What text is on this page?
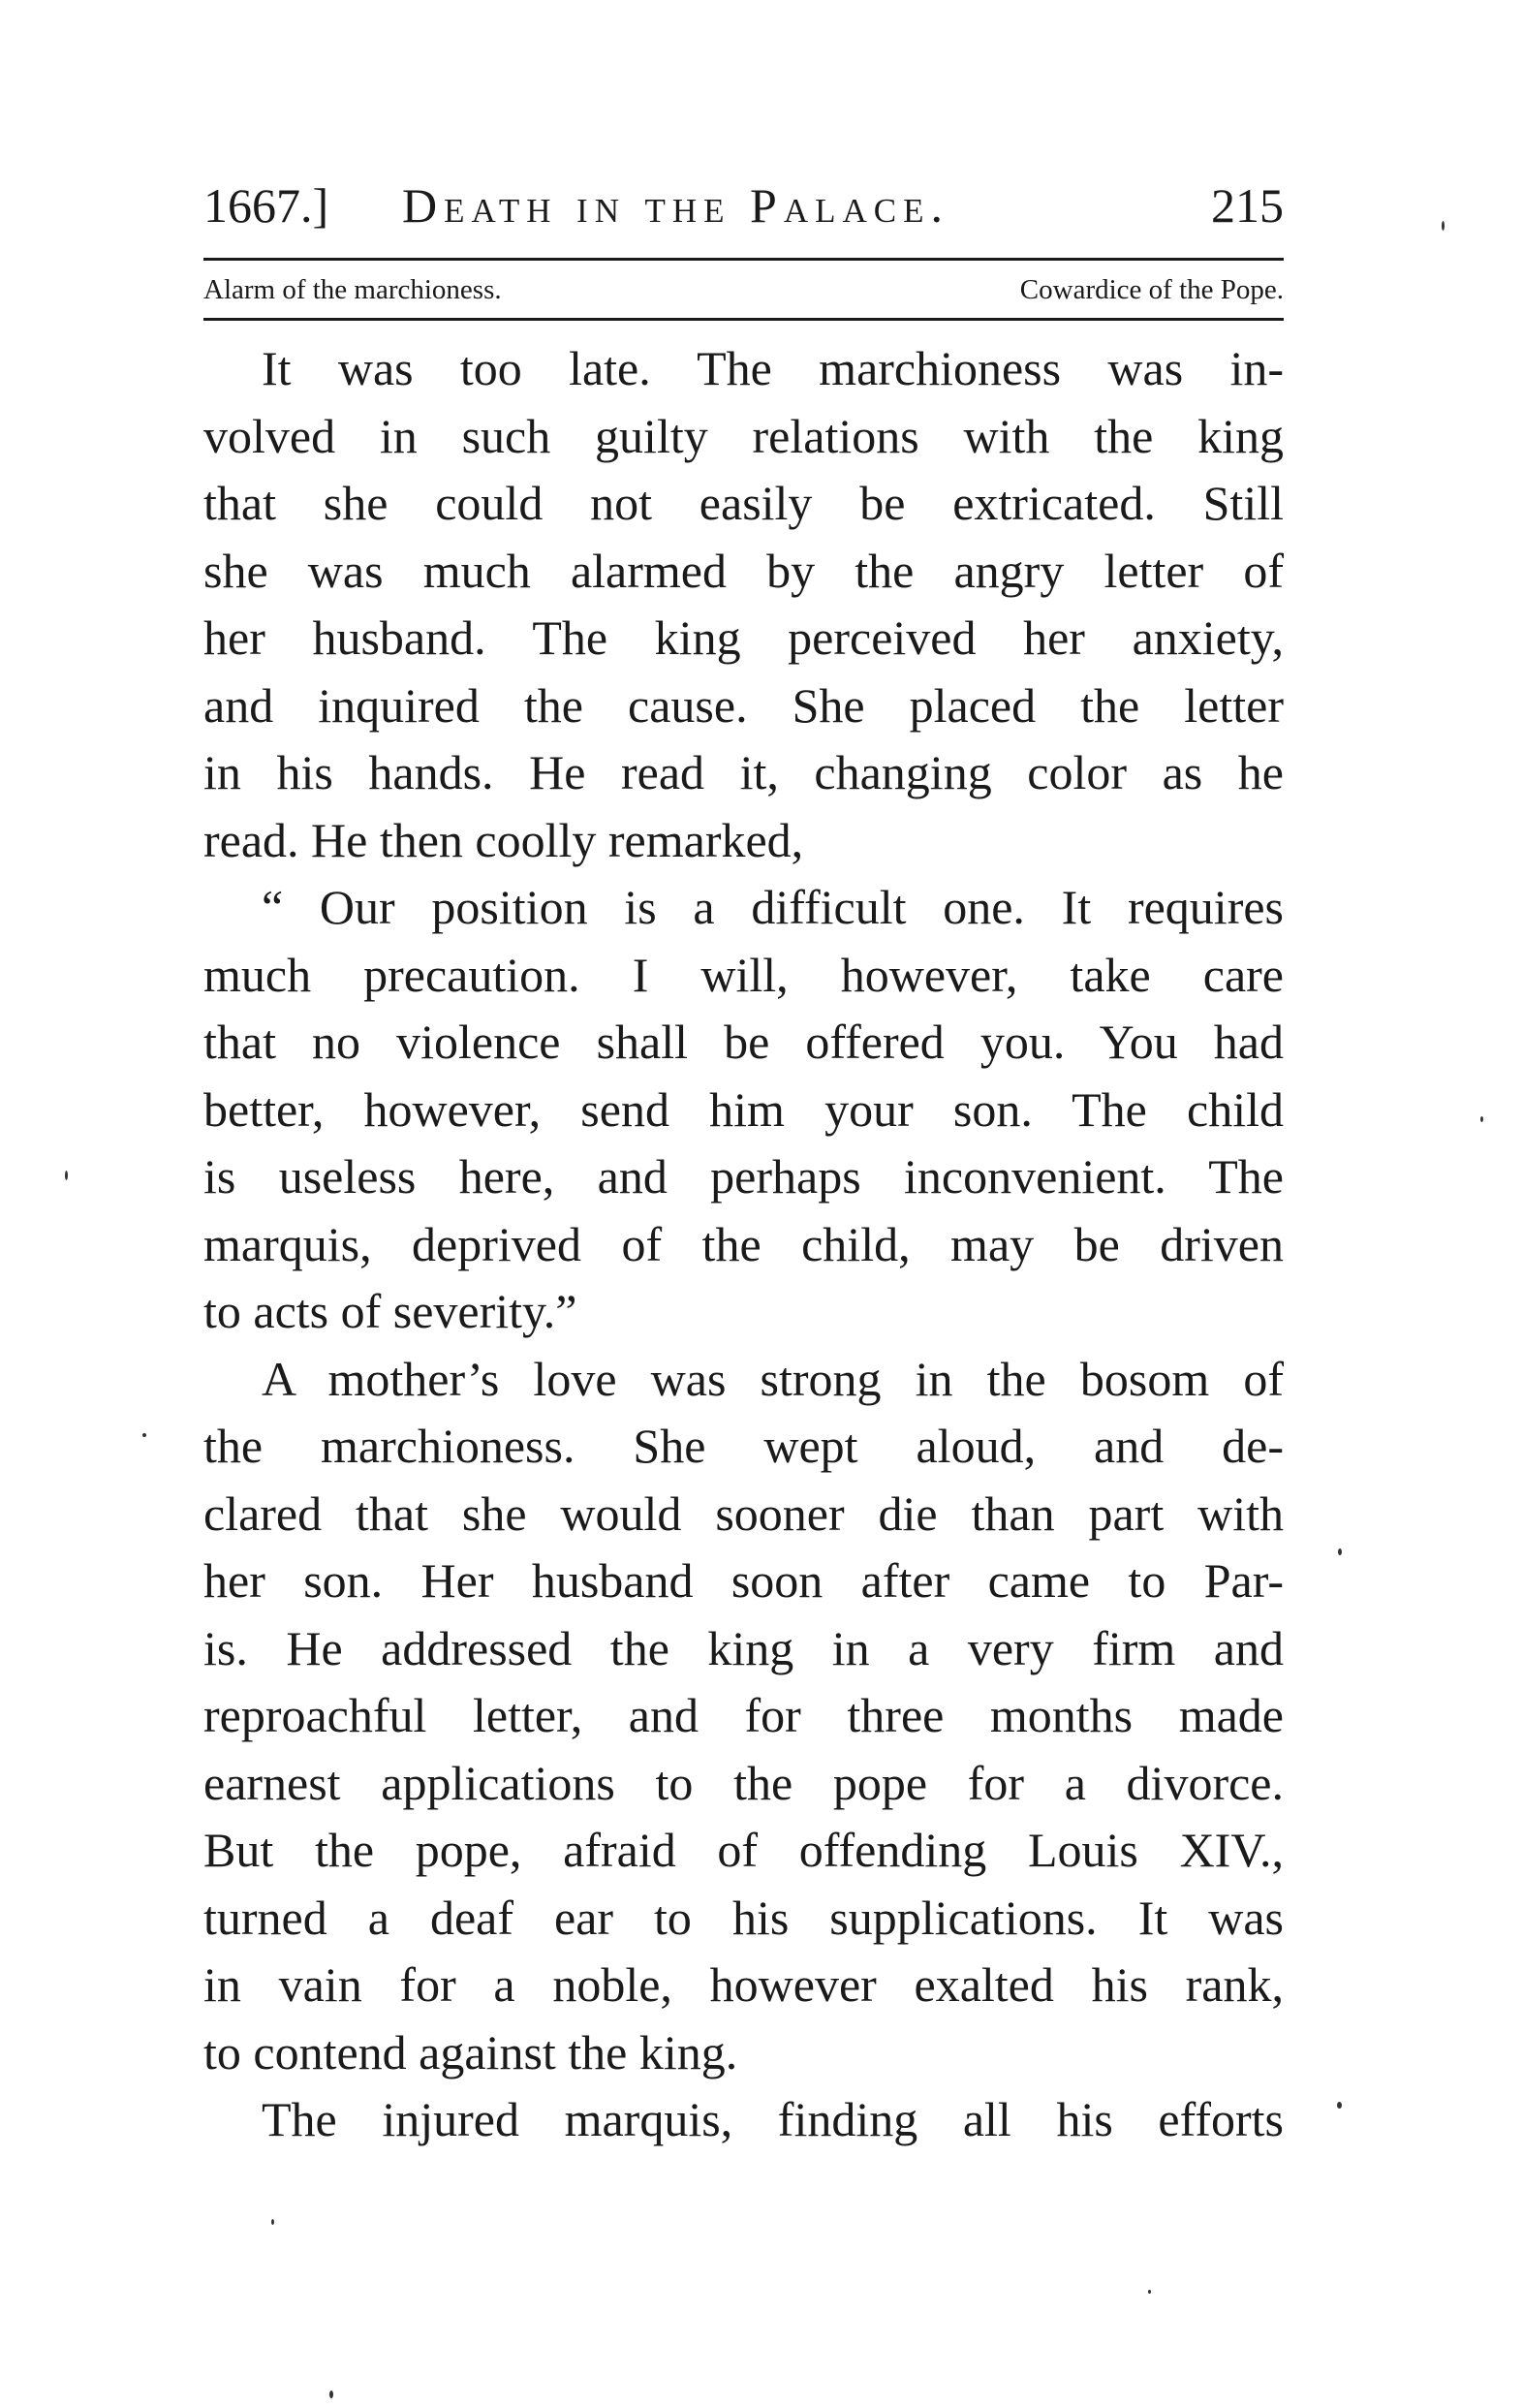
1667.] Death in the Palace.	215
Alarm of the marchioness.	Cowardice of the Pope.
It was too late. The marchioness was in-
volved in such guilty relations with the king
that she could not easily be extricated. Still
she was much alarmed by the angry letter of
her husband. The king perceived her anxiety,
and inquired the cause. She placed the letter
in his hands. He read it, changing color as he
read. He then coolly remarked,
“ Our position is a difficult one. It requires
much precaution. I will, however, take care
that no violence shall be offered you. You had
better, however, send him your son. The child
is useless here, and perhaps inconvenient. The
marquis, deprived of the child, may be driven
to acts of severity.”
A mother’s love was strong in the bosom of
the marchioness. She wept aloud, and de-
clared that she would sooner die than part with
her son. Her husband soon after came to Par-
is. He addressed the king in a very firm and
reproachful letter, and for three months made
earnest applications to the pope for a divorce.
But the pope, afraid of offending Louis XIV.,
turned a deaf ear to his supplications. It was
in vain for a noble, however exalted his rank,
to contend against the king.
The injured marquis, finding all his efforts
